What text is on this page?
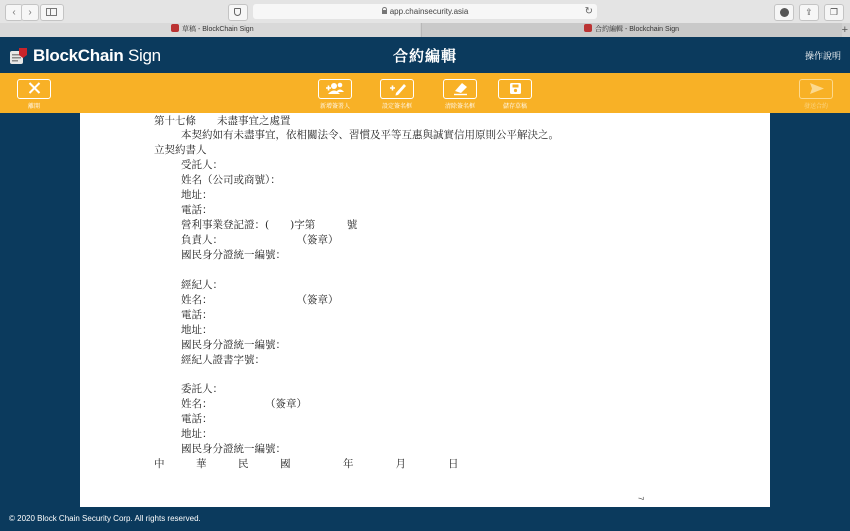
‹	›	app.chainsecurity.asia	↻	⇪	❐
草稿 - BlockChain Sign	合約編輯 - Blockchain Sign	+
BlockChain Sign	合約編輯	操作說明
離開	新增簽署人	設定簽名框	清除簽名框	儲存草稿	發送合約
第十七條　　未盡事宜之處置
　　本契約如有未盡事宜，依相關法令、習慣及平等互惠與誠實信用原則公平解決之。
立契約書人
　　受託人：
　　姓名（公司或商號）：
　　地址：
　　電話：
　　營利事業登記證：(　　)字第　　　號
　　負責人：　　　　　　　　（簽章）
　　國民身分證統一編號：
　　經紀人：
　　姓名：　　　　　　　　　（簽章）
　　電話：
　　地址：
　　國民身分證統一編號：
　　經紀人證書字號：
　　委託人：
　　姓名：　　　　　　（簽章）
　　電話：
　　地址：
　　國民身分證統一編號：
中　　　華　　　民　　　國　　　　　年　　　　月　　　　日
7
© 2020 Block Chain Security Corp. All rights reserved.
